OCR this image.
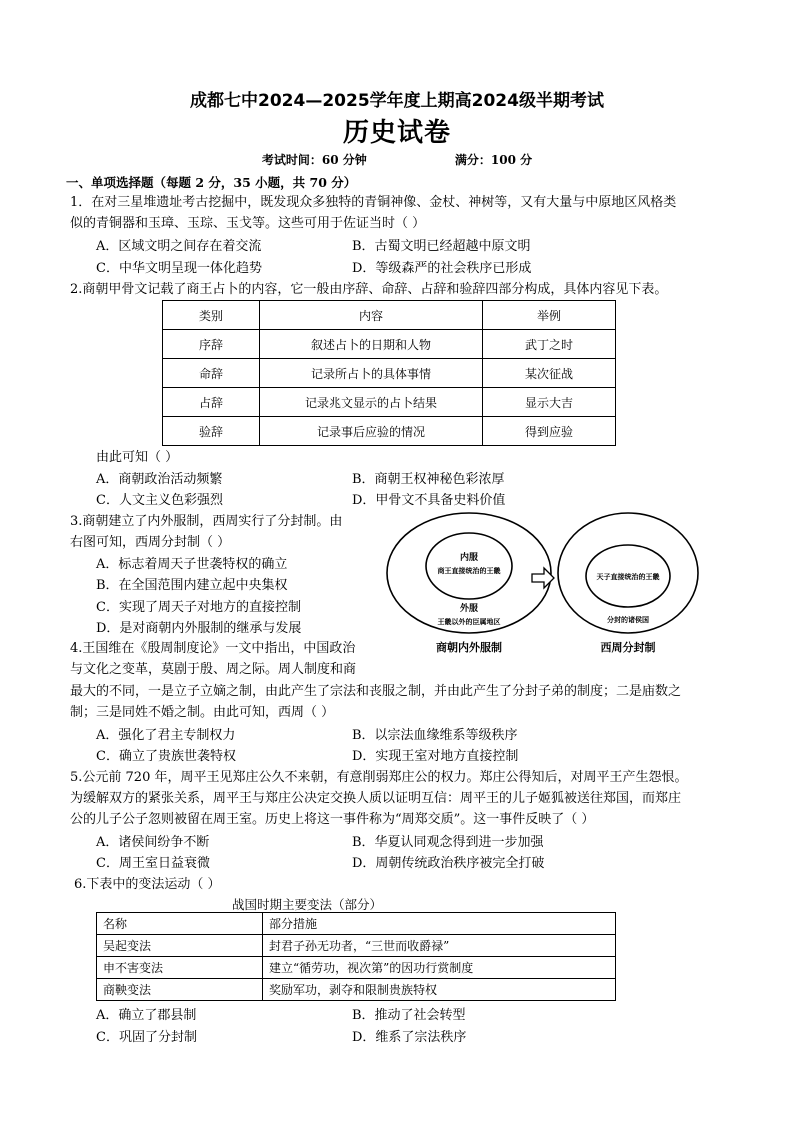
成都七中2024—2025学年度上期高2024级半期考试
历史试卷
考试时间：60 分钟	满分：100 分
一、单项选择题（每题 2 分，35 小题，共 70 分）
1．在对三星堆遗址考古挖掘中，既发现众多独特的青铜神像、金杖、神树等，又有大量与中原地区风格类
似的青铜器和玉璋、玉琮、玉戈等。这些可用于佐证当时（ ）
A．区域文明之间存在着交流	B．古蜀文明已经超越中原文明
C．中华文明呈现一体化趋势	D．等级森严的社会秩序已形成
2.商朝甲骨文记载了商王占卜的内容，它一般由序辞、命辞、占辞和验辞四部分构成，具体内容见下表。
类别	内容	举例
序辞	叙述占卜的日期和人物	武丁之时
命辞	记录所占卜的具体事情	某次征战
占辞	记录兆文显示的占卜结果	显示大吉
验辞	记录事后应验的情况	得到应验
由此可知（ ）
A．商朝政治活动频繁	B．商朝王权神秘色彩浓厚
C．人文主义色彩强烈	D．甲骨文不具备史料价值
3.商朝建立了内外服制，西周实行了分封制。由
右图可知，西周分封制（ ）
A．标志着周天子世袭特权的确立
B．在全国范围内建立起中央集权
C．实现了周天子对地方的直接控制
D．是对商朝内外服制的继承与发展
内服
商王直接统治的王畿
外服
王畿以外的臣属地区
天子直接统治的王畿
分封的诸侯国
商朝内外服制	西周分封制
4.王国维在《殷周制度论》一文中指出，中国政治
与文化之变革，莫剧于殷、周之际。周人制度和商
最大的不同，一是立子立嫡之制，由此产生了宗法和丧服之制，并由此产生了分封子弟的制度；二是庙数之
制；三是同姓不婚之制。由此可知，西周（ ）
A．强化了君主专制权力	B．以宗法血缘维系等级秩序
C．确立了贵族世袭特权	D．实现王室对地方直接控制
5.公元前 720 年，周平王见郑庄公久不来朝，有意削弱郑庄公的权力。郑庄公得知后，对周平王产生怨恨。
为缓解双方的紧张关系，周平王与郑庄公决定交换人质以证明互信：周平王的儿子姬狐被送往郑国，而郑庄
公的儿子公子忽则被留在周王室。历史上将这一事件称为“周郑交质”。这一事件反映了（ ）
A．诸侯间纷争不断	B．华夏认同观念得到进一步加强
C．周王室日益衰微	D．周朝传统政治秩序被完全打破
6.下表中的变法运动（ ）
战国时期主要变法（部分）
名称	部分措施
吴起变法	封君子孙无功者，“三世而收爵禄”
申不害变法	建立“循劳功，视次第”的因功行赏制度
商鞅变法	奖励军功，剥夺和限制贵族特权
A．确立了郡县制	B．推动了社会转型
C．巩固了分封制	D．维系了宗法秩序
